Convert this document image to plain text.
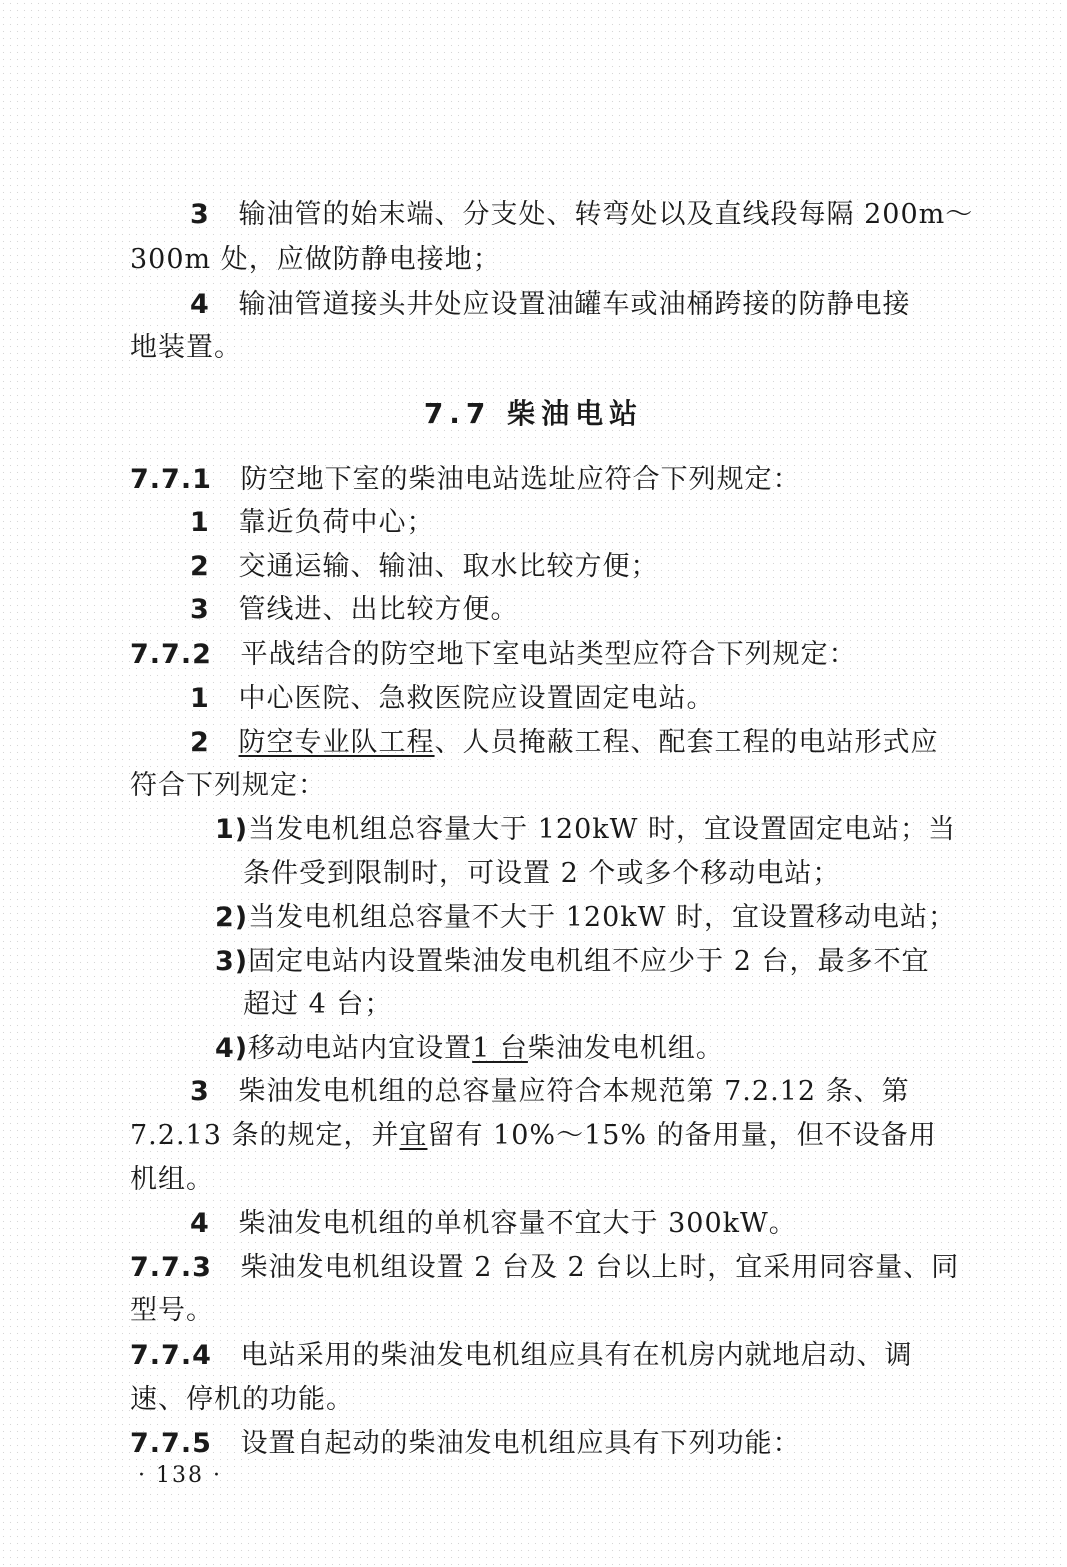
3 输油管的始末端、分支处、转弯处以及直线段每隔 200m～
300m 处，应做防静电接地；
4 输油管道接头井处应设置油罐车或油桶跨接的防静电接
地装置。
7.7 柴油电站
7.7.1 防空地下室的柴油电站选址应符合下列规定：
1 靠近负荷中心；
2 交通运输、输油、取水比较方便；
3 管线进、出比较方便。
7.7.2 平战结合的防空地下室电站类型应符合下列规定：
1 中心医院、急救医院应设置固定电站。
2 防空专业队工程、人员掩蔽工程、配套工程的电站形式应
符合下列规定：
1)当发电机组总容量大于 120kW 时，宜设置固定电站；当
条件受到限制时，可设置 2 个或多个移动电站；
2)当发电机组总容量不大于 120kW 时，宜设置移动电站；
3)固定电站内设置柴油发电机组不应少于 2 台，最多不宜
超过 4 台；
4)移动电站内宜设置1 台柴油发电机组。
3 柴油发电机组的总容量应符合本规范第 7.2.12 条、第
7.2.13 条的规定，并宜留有 10%～15% 的备用量，但不设备用
机组。
4 柴油发电机组的单机容量不宜大于 300kW。
7.7.3 柴油发电机组设置 2 台及 2 台以上时，宜采用同容量、同
型号。
7.7.4 电站采用的柴油发电机组应具有在机房内就地启动、调
速、停机的功能。
7.7.5 设置自起动的柴油发电机组应具有下列功能：
· 138 ·
